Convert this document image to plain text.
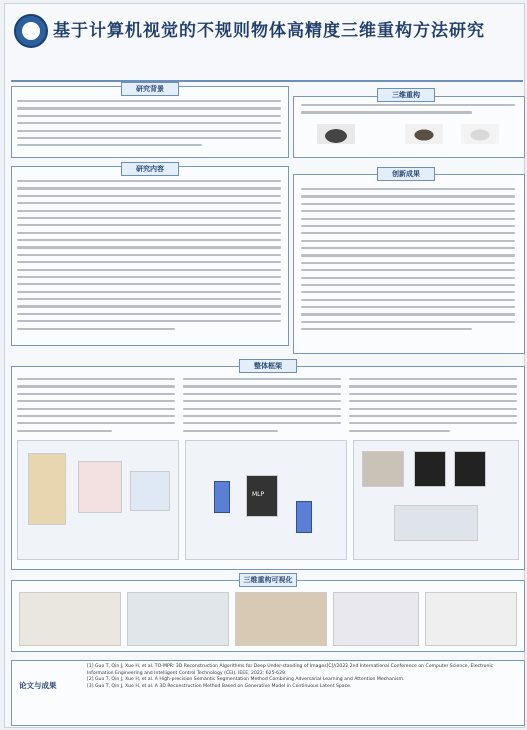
基于计算机视觉的不规则物体高精度三维重构方法研究
研究背景
研究内容
三维重构
创新成果
整体框架
MLP
三维重构可视化
论文与成果
[1] Guo T, Qin J, Xue H, et al. TO-MPR: 3D Reconstruction Algorithms for Deep Under-standing of Images[C]//2022 2nd International Conference on Computer Science, Electronic Information Engineering and Intelligent Control Technology (CEI). IEEE, 2022: 625-629.
[2] Guo T, Qin J, Xue H, et al. A High-precision Semantic Segmentation Method Combining Adversarial Learning and Attention Mechanism.
[3] Guo T, Qin J, Xue H, et al. A 3D Reconstruction Method Based on Generative Model in Continuous Latent Space.
